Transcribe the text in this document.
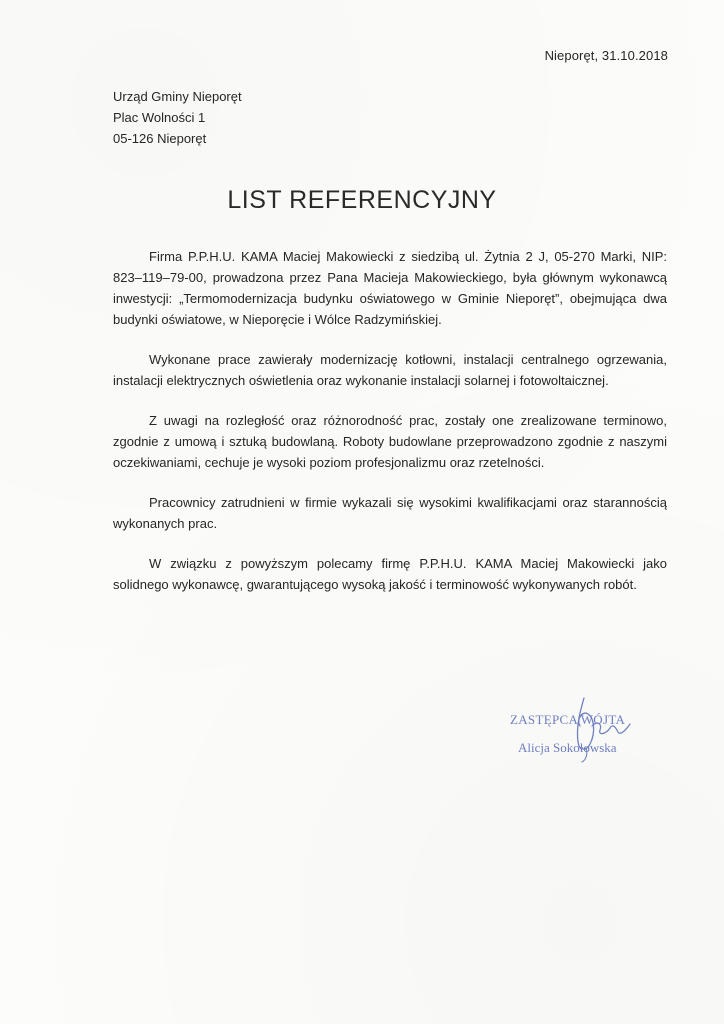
Nieporęt, 31.10.2018
Urząd Gminy Nieporęt
Plac Wolności 1
05-126 Nieporęt
LIST REFERENCYJNY

Firma P.P.H.U. KAMA Maciej Makowiecki z siedzibą ul. Żytnia 2 J, 05-270 Marki, NIP: 823–119–79-00, prowadzona przez Pana Macieja Makowieckiego, była głównym wykonawcą inwestycji: „Termomodernizacja budynku oświatowego w Gminie Nieporęt”, obejmująca dwa budynki oświatowe, w Nieporęcie i Wólce Radzymińskiej.

Wykonane prace zawierały modernizację kotłowni, instalacji centralnego ogrzewania, instalacji elektrycznych oświetlenia oraz wykonanie instalacji solarnej i fotowoltaicznej.

Z uwagi na rozległość oraz różnorodność prac, zostały one zrealizowane terminowo, zgodnie z umową i sztuką budowlaną. Roboty budowlane przeprowadzono zgodnie z naszymi oczekiwaniami, cechuje je wysoki poziom profesjonalizmu oraz rzetelności.

Pracownicy zatrudnieni w firmie wykazali się wysokimi kwalifikacjami oraz starannością wykonanych prac.

W związku z powyższym polecamy firmę P.P.H.U. KAMA Maciej Makowiecki jako solidnego wykonawcę, gwarantującego wysoką jakość i terminowość wykonywanych robót.

ZASTĘPCA WÓJTA
Alicja Sokołowska
